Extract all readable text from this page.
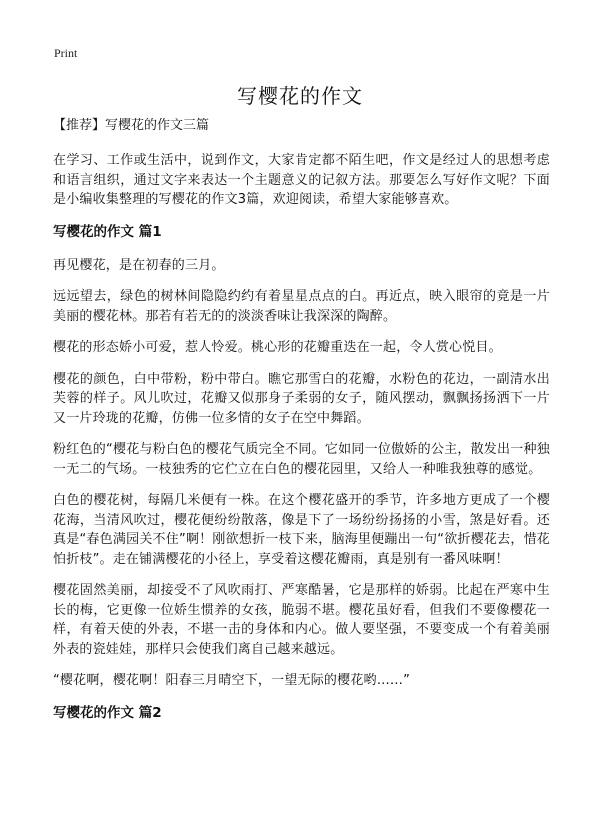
Print
写樱花的作文
【推荐】写樱花的作文三篇

在学习、工作或生活中，说到作文，大家肯定都不陌生吧，作文是经过人的思想考虑和语言组织，通过文字来表达一个主题意义的记叙方法。那要怎么写好作文呢？下面是小编收集整理的写樱花的作文3篇，欢迎阅读，希望大家能够喜欢。

写樱花的作文 篇1

再见樱花，是在初春的三月。

远远望去，绿色的树林间隐隐约约有着星星点点的白。再近点，映入眼帘的竟是一片美丽的樱花林。那若有若无的的淡淡香味让我深深的陶醉。

樱花的形态娇小可爱，惹人怜爱。桃心形的花瓣重迭在一起，令人赏心悦目。

樱花的颜色，白中带粉，粉中带白。瞧它那雪白的花瓣，水粉色的花边，一副清水出芙蓉的样子。风儿吹过，花瓣又似那身子柔弱的女子，随风摆动，飘飘扬扬洒下一片又一片玲珑的花瓣，仿佛一位多情的女子在空中舞蹈。

粉红色的“樱花与粉白色的樱花气质完全不同。它如同一位傲娇的公主，散发出一种独一无二的气场。一枝独秀的它伫立在白色的樱花园里，又给人一种唯我独尊的感觉。

白色的樱花树，每隔几米便有一株。在这个樱花盛开的季节，许多地方更成了一个樱花海，当清风吹过，樱花便纷纷散落，像是下了一场纷纷扬扬的小雪，煞是好看。还真是“春色满园关不住”啊！刚欲想折一枝下来，脑海里便蹦出一句“欲折樱花去，惜花怕折枝”。走在铺满樱花的小径上，享受着这樱花瓣雨，真是别有一番风味啊！

樱花固然美丽，却接受不了风吹雨打、严寒酷暑，它是那样的娇弱。比起在严寒中生长的梅，它更像一位娇生惯养的女孩，脆弱不堪。樱花虽好看，但我们不要像樱花一样，有着天使的外表，不堪一击的身体和内心。做人要坚强，不要变成一个有着美丽外表的瓷娃娃，那样只会使我们离自己越来越远。

“樱花啊，樱花啊！阳春三月晴空下，一望无际的樱花哟……”

写樱花的作文 篇2
